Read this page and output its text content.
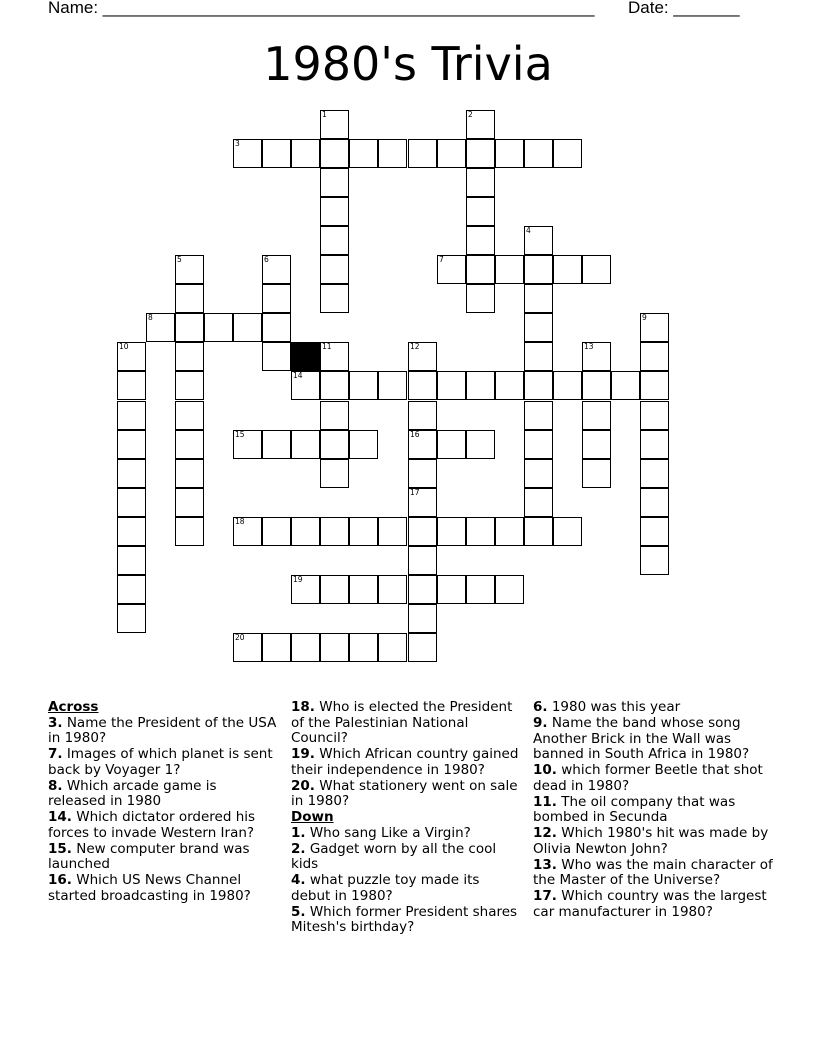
Name: ____________________________________________________ Date: _______
1980's Trivia
1	2
3
4
5	6	7
8	9
10	11	12
16
13
14
15
17
18
19
20
Across
3. Name the President of the USA in 1980?
7. Images of which planet is sent back by Voyager 1?
8. Which arcade game is released in 1980
14. Which dictator ordered his forces to invade Western Iran?
15. New computer brand was launched
16. Which US News Channel started broadcasting in 1980?
18. Who is elected the President of the Palestinian National Council?
19. Which African country gained their independence in 1980?
20. What stationery went on sale in 1980?
Down
1. Who sang Like a Virgin?
2. Gadget worn by all the cool kids
4. what puzzle toy made its debut in 1980?
5. Which former President shares Mitesh's birthday?
6. 1980 was this year
9. Name the band whose song Another Brick in the Wall was banned in South Africa in 1980?
10. which former Beetle that shot dead in 1980?
11. The oil company that was bombed in Secunda
12. Which 1980's hit was made by Olivia Newton John?
13. Who was the main character of the Master of the Universe?
17. Which country was the largest car manufacturer in 1980?
